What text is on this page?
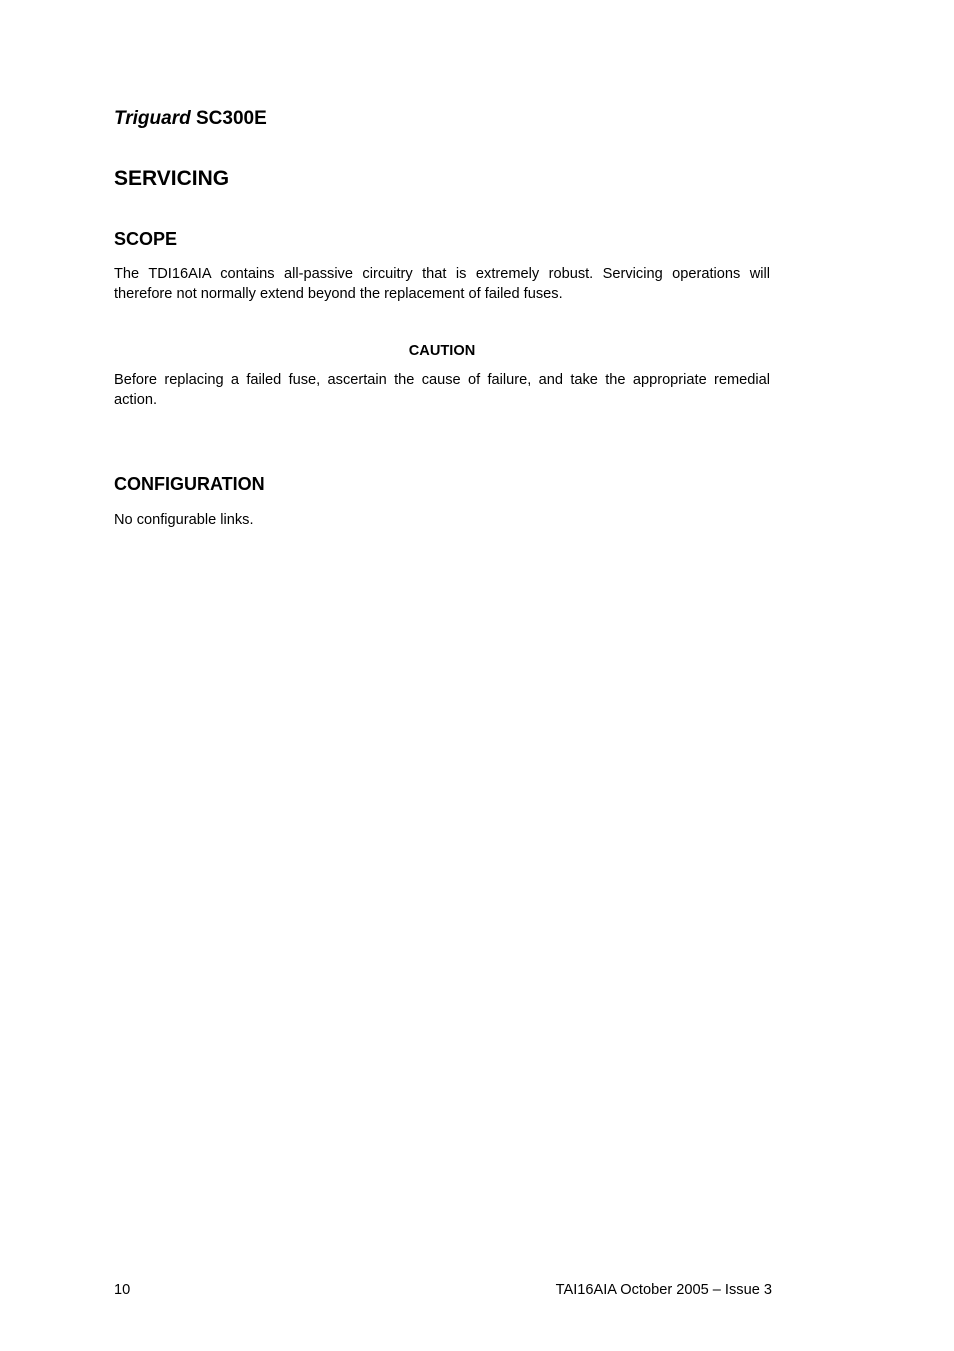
Triguard SC300E
SERVICING
SCOPE

The TDI16AIA contains all-passive circuitry that is extremely robust. Servicing operations will therefore not normally extend beyond the replacement of failed fuses.

CAUTION

Before replacing a failed fuse, ascertain the cause of failure, and take the appropriate remedial action.

CONFIGURATION

No configurable links.

10	TAI16AIA October 2005 – Issue 3
